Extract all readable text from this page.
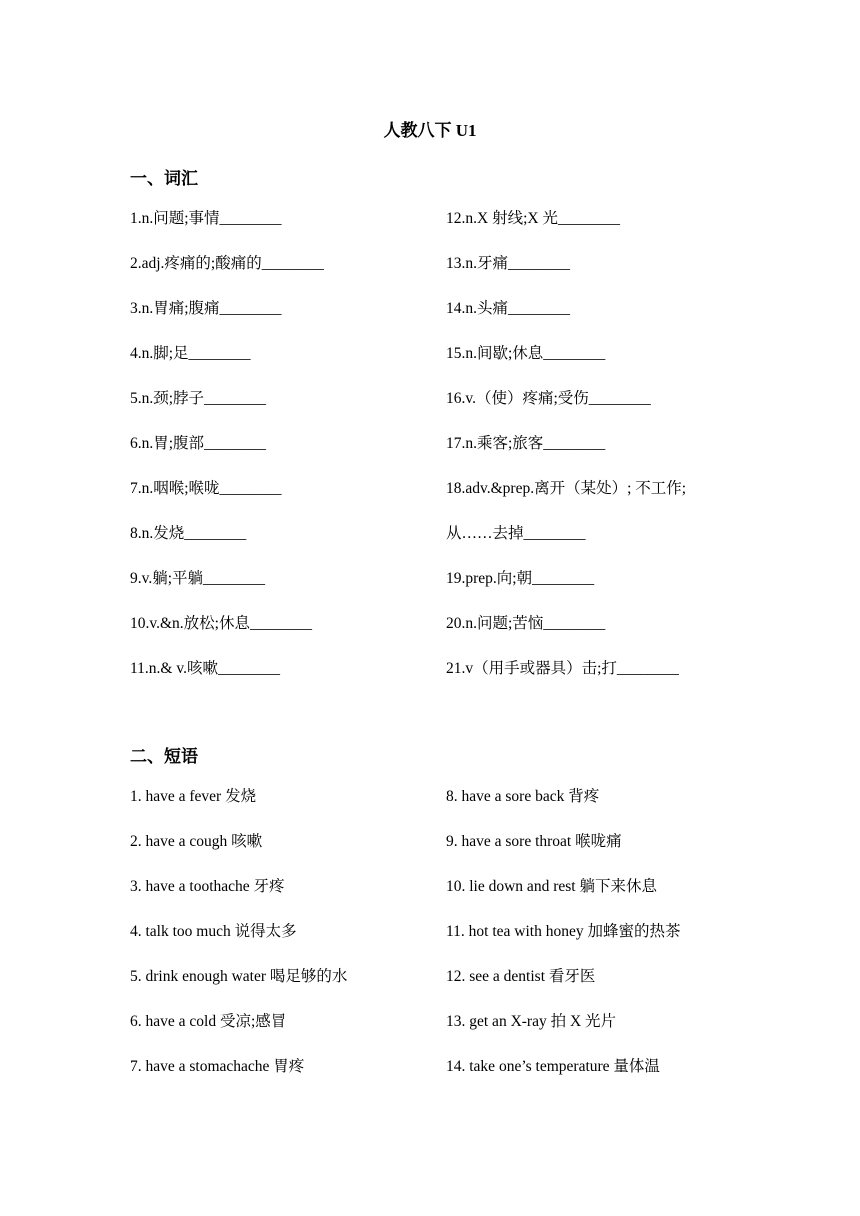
人教八下 U1
一、词汇
1.n.问题;事情________	12.n.X 射线;X 光________
2.adj.疼痛的;酸痛的________	13.n.牙痛________
3.n.胃痛;腹痛________	14.n.头痛________
4.n.脚;足________	15.n.间歇;休息________
5.n.颈;脖子________	16.v.（使）疼痛;受伤________
6.n.胃;腹部________	17.n.乘客;旅客________
7.n.咽喉;喉咙________	18.adv.&prep.离开（某处）; 不工作;
8.n.发烧________	从……去掉________
9.v.躺;平躺________	19.prep.向;朝________
10.v.&n.放松;休息________	20.n.问题;苦恼________
11.n.& v.咳嗽________	21.v（用手或器具）击;打________
二、短语
1. have a fever 发烧	8. have a sore back 背疼
2. have a cough 咳嗽	9. have a sore throat 喉咙痛
3. have a toothache 牙疼	10. lie down and rest 躺下来休息
4. talk too much 说得太多	11. hot tea with honey 加蜂蜜的热茶
5. drink enough water 喝足够的水	12. see a dentist 看牙医
6. have a cold 受凉;感冒	13. get an X-ray 拍 X 光片
7. have a stomachache 胃疼	14. take one’s temperature 量体温
